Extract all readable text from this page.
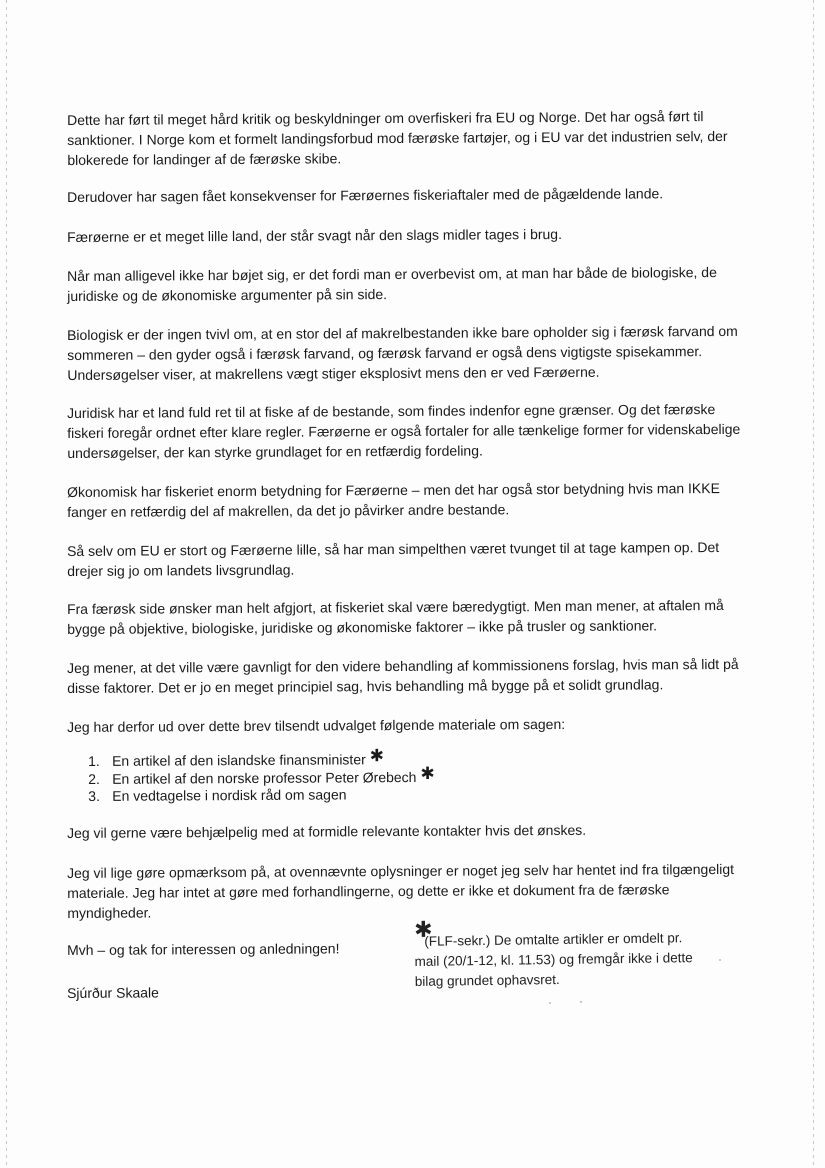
Dette har ført til meget hård kritik og beskyldninger om overfiskeri fra EU og Norge. Det har også ført til

sanktioner. I Norge kom et formelt landingsforbud mod færøske fartøjer, og i EU var det industrien selv, der

blokerede for landinger af de færøske skibe.

Derudover har sagen fået konsekvenser for Færøernes fiskeriaftaler med de pågældende lande.

Færøerne er et meget lille land, der står svagt når den slags midler tages i brug.

Når man alligevel ikke har bøjet sig, er det fordi man er overbevist om, at man har både de biologiske, de

juridiske og de økonomiske argumenter på sin side.

Biologisk er der ingen tvivl om, at en stor del af makrelbestanden ikke bare opholder sig i færøsk farvand om

sommeren – den gyder også i færøsk farvand, og færøsk farvand er også dens vigtigste spisekammer.

Undersøgelser viser, at makrellens vægt stiger eksplosivt mens den er ved Færøerne.

Juridisk har et land fuld ret til at fiske af de bestande, som findes indenfor egne grænser. Og det færøske

fiskeri foregår ordnet efter klare regler. Færøerne er også fortaler for alle tænkelige former for videnskabelige

undersøgelser, der kan styrke grundlaget for en retfærdig fordeling.

Økonomisk har fiskeriet enorm betydning for Færøerne – men det har også stor betydning hvis man IKKE

fanger en retfærdig del af makrellen, da det jo påvirker andre bestande.

Så selv om EU er stort og Færøerne lille, så har man simpelthen været tvunget til at tage kampen op. Det

drejer sig jo om landets livsgrundlag.

Fra færøsk side ønsker man helt afgjort, at fiskeriet skal være bæredygtigt. Men man mener, at aftalen må

bygge på objektive, biologiske, juridiske og økonomiske faktorer – ikke på trusler og sanktioner.

Jeg mener, at det ville være gavnligt for den videre behandling af kommissionens forslag, hvis man så lidt på

disse faktorer. Det er jo en meget principiel sag, hvis behandling må bygge på et solidt grundlag.

Jeg har derfor ud over dette brev tilsendt udvalget følgende materiale om sagen:

1. En artikel af den islandske finansminister ✱
2. En artikel af den norske professor Peter Ørebech ✱
3. En vedtagelse i nordisk råd om sagen

Jeg vil gerne være behjælpelig med at formidle relevante kontakter hvis det ønskes.

Jeg vil lige gøre opmærksom på, at ovennævnte oplysninger er noget jeg selv har hentet ind fra tilgængeligt

materiale. Jeg har intet at gøre med forhandlingerne, og dette er ikke et dokument fra de færøske

myndigheder.

Mvh – og tak for interessen og anledningen!

Sjúrður Skaale

✱

(FLF-sekr.) De omtalte artikler er omdelt pr.

mail (20/1-12, kl. 11.53) og fremgår ikke i dette

bilag grundet ophavsret.
